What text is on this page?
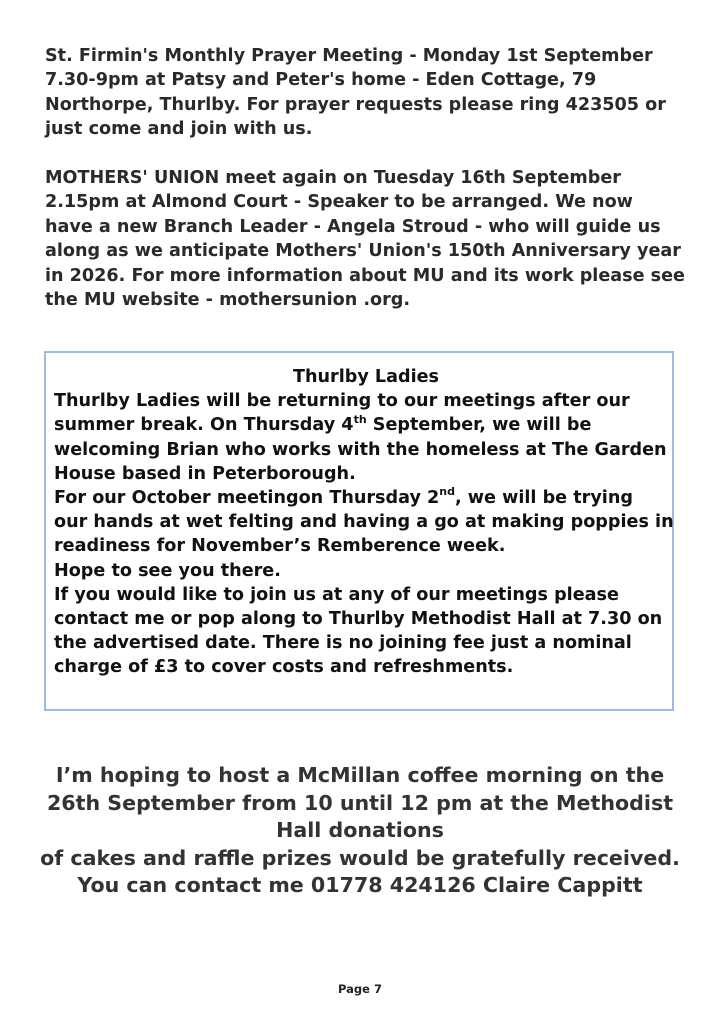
St. Firmin's Monthly Prayer Meeting - Monday 1st September
7.30-9pm at Patsy and Peter's home - Eden Cottage, 79
Northorpe, Thurlby. For prayer requests please ring 423505 or
just come and join with us.
MOTHERS' UNION meet again on Tuesday 16th September
2.15pm at Almond Court - Speaker to be arranged. We now
have a new Branch Leader - Angela Stroud - who will guide us
along as we anticipate Mothers' Union's 150th Anniversary year
in 2026. For more information about MU and its work please see
the MU website - mothersunion .org.
Thurlby Ladies
Thurlby Ladies will be returning to our meetings after our
summer break. On Thursday 4th September, we will be
welcoming Brian who works with the homeless at The Garden
House based in Peterborough.
For our October meetingon Thursday 2nd, we will be trying
our hands at wet felting and having a go at making poppies in
readiness for November’s Remberence week.
Hope to see you there.
If you would like to join us at any of our meetings please
contact me or pop along to Thurlby Methodist Hall at 7.30 on
the advertised date. There is no joining fee just a nominal
charge of £3 to cover costs and refreshments.
I’m hoping to host a McMillan coffee morning on the
26th September from 10 until 12 pm at the Methodist
Hall donations
of cakes and raffle prizes would be gratefully received.
You can contact me 01778 424126 Claire Cappitt
Page 7
